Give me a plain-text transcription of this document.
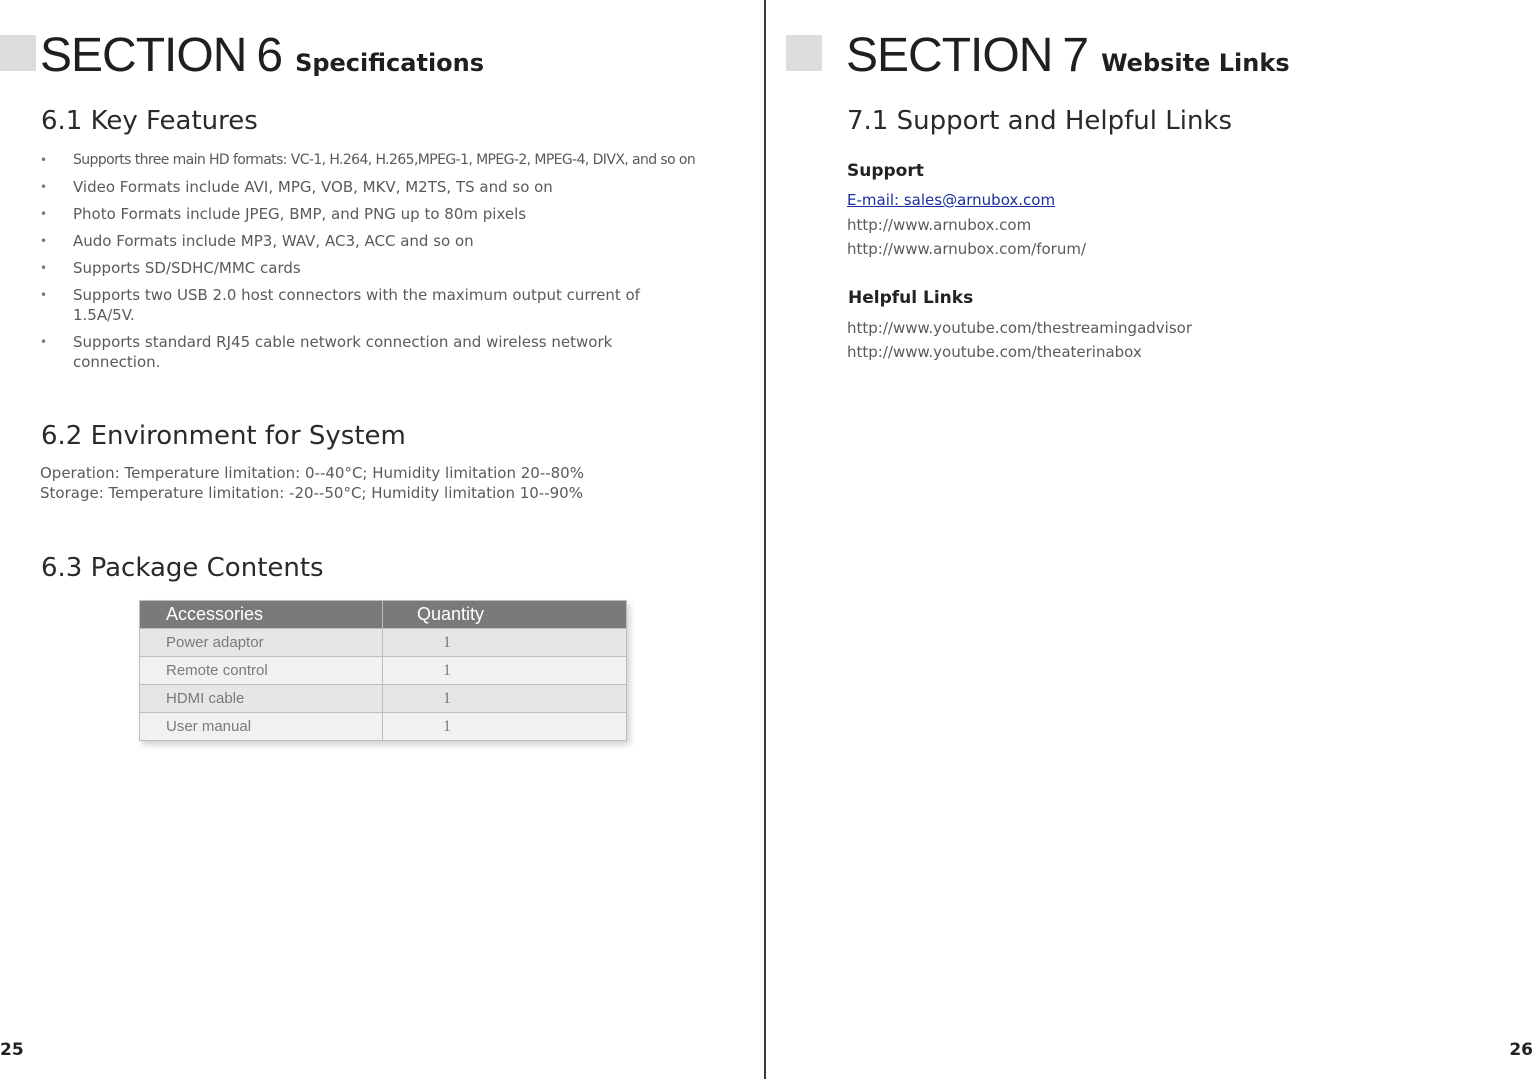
SECTION 6 Specifications
6.1 Key Features
• Supports three main HD formats: VC-1, H.264, H.265,MPEG-1, MPEG-2, MPEG-4, DIVX, and so on
• Video Formats include AVI, MPG, VOB, MKV, M2TS, TS and so on
• Photo Formats include JPEG, BMP, and PNG up to 80m pixels
• Audo Formats include MP3, WAV, AC3, ACC and so on
• Supports SD/SDHC/MMC cards
• Supports two USB 2.0 host connectors with the maximum output current of 1.5A/5V.
• Supports standard RJ45 cable network connection and wireless network connection.
6.2 Environment for System
Operation: Temperature limitation: 0--40°C; Humidity limitation 20--80%
Storage: Temperature limitation: -20--50°C; Humidity limitation 10--90%
6.3 Package Contents
Accessories	Quantity
Power adaptor	1
Remote control	1
HDMI cable	1
User manual	1
25
SECTION 7 Website Links
7.1 Support and Helpful Links
Support
E-mail: sales@arnubox.com
http://www.arnubox.com
http://www.arnubox.com/forum/
Helpful Links
http://www.youtube.com/thestreamingadvisor
http://www.youtube.com/theaterinabox
26
